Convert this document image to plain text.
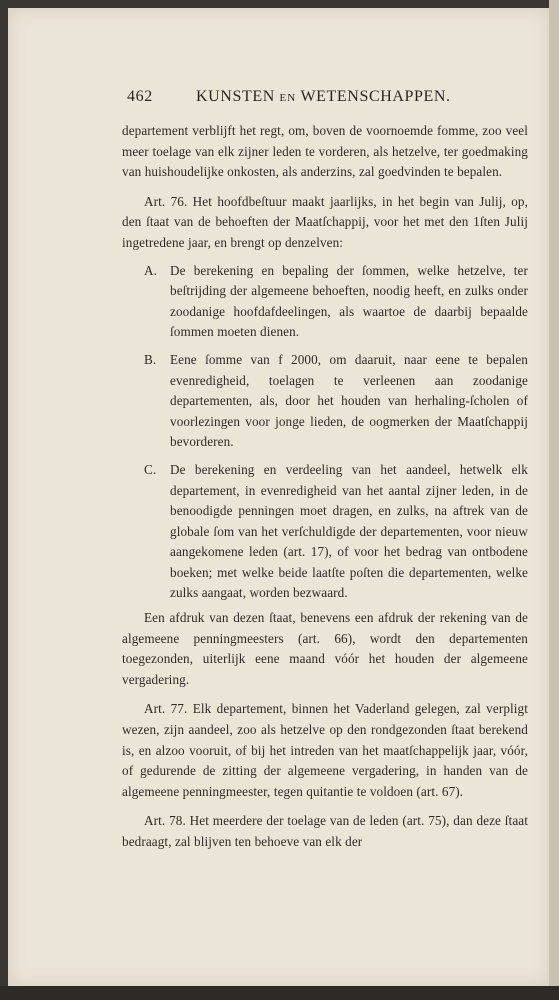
462	KUNSTEN EN WETENSCHAPPEN.

departement verblijft het regt, om, boven de voornoemde fomme, zoo veel meer toelage van elk zijner leden te vorderen, als hetzelve, ter goedmaking van huishoudelijke onkosten, als anderzins, zal goedvinden te bepalen.

Art. 76. Het hoofdbeſtuur maakt jaarlijks, in het begin van Julij, op, den ſtaat van de behoeften der Maatſchappij, voor het met den 1ſten Julij ingetredene jaar, en brengt op denzelven:

A. De berekening en bepaling der ſommen, welke hetzelve, ter beſtrijding der algemeene behoeften, noodig heeft, en zulks onder zoodanige hoofdafdeelingen, als waartoe de daarbij bepaalde ſommen moeten dienen.

B. Eene ſomme van f 2000, om daaruit, naar eene te bepalen evenredigheid, toelagen te verleenen aan zoodanige departementen, als, door het houden van herhaling-ſcholen of voorlezingen voor jonge lieden, de oogmerken der Maatſchappij bevorderen.

C. De berekening en verdeeling van het aandeel, hetwelk elk departement, in evenredigheid van het aantal zijner leden, in de benoodigde penningen moet dragen, en zulks, na aftrek van de globale ſom van het verſchuldigde der departementen, voor nieuw aangekomene leden (art. 17), of voor het bedrag van ontbodene boeken; met welke beide laatſte poſten die departementen, welke zulks aangaat, worden bezwaard.

Een afdruk van dezen ſtaat, benevens een afdruk der rekening van de algemeene penningmeesters (art. 66), wordt den departementen toegezonden, uiterlijk eene maand vóór het houden der algemeene vergadering.

Art. 77. Elk departement, binnen het Vaderland gelegen, zal verpligt wezen, zijn aandeel, zoo als hetzelve op den rondgezonden ſtaat berekend is, en alzoo vooruit, of bij het intreden van het maatſchappelijk jaar, vóór, of gedurende de zitting der algemeene vergadering, in handen van de algemeene penningmeester, tegen quitantie te voldoen (art. 67).

Art. 78. Het meerdere der toelage van de leden (art. 75), dan deze ſtaat bedraagt, zal blijven ten behoeve van elk der
